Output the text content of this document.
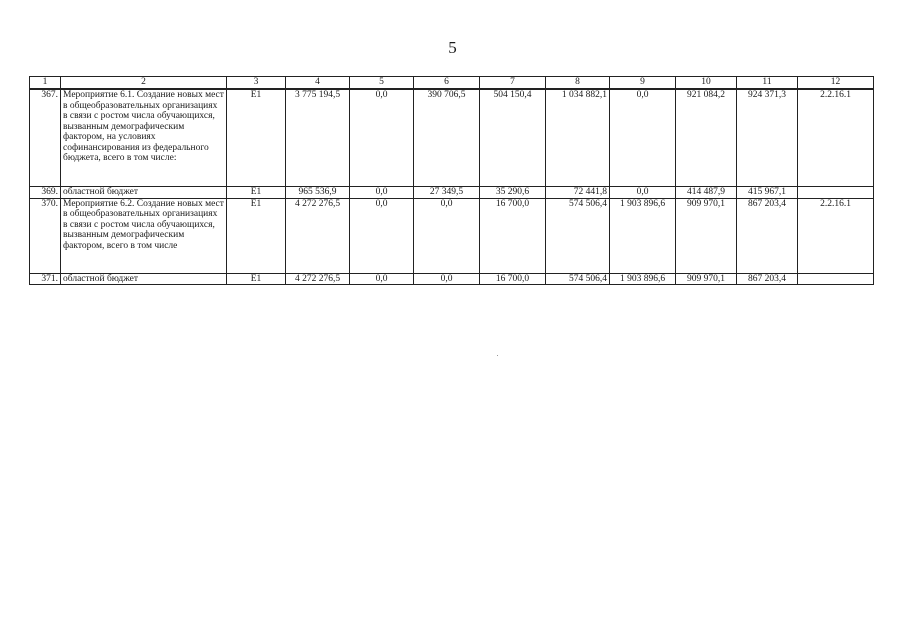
5
1	2	3	4	5	6	7	8	9	10	11	12
367.	Мероприятие 6.1. Создание новых мест в общеобразовательных организациях в связи с ростом числа обучающихся, вызванным демографическим фактором, на условиях софинансирования из федерального бюджета, всего в том числе:	Е1	3 775 194,5	0,0	390 706,5	504 150,4	1 034 882,1	0,0	921 084,2	924 371,3	2.2.16.1
369.	областной бюджет	Е1	965 536,9	0,0	27 349,5	35 290,6	72 441,8	0,0	414 487,9	415 967,1	
370.	Мероприятие 6.2. Создание новых мест в общеобразовательных организациях в связи с ростом числа обучающихся, вызванным демографическим фактором, всего в том числе	Е1	4 272 276,5	0,0	0,0	16 700,0	574 506,4	1 903 896,6	909 970,1	867 203,4	2.2.16.1
371.	областной бюджет	Е1	4 272 276,5	0,0	0,0	16 700,0	574 506,4	1 903 896,6	909 970,1	867 203,4	
